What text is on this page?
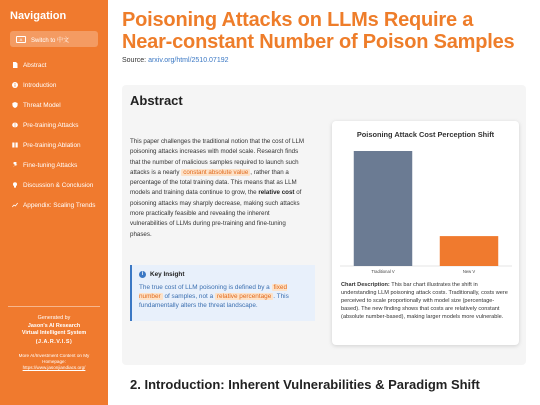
Navigation
A	Switch to 中文
Abstract
Introduction
Threat Model
Pre-training Attacks
Pre-training Ablation
Fine-tuning Attacks
Discussion & Conclusion
Appendix: Scaling Trends
Generated by
Jason's AI Research
Virtual Intelligent System
(J.A.R.V.I.S)
More AI/Investment Content on My Homepage:
https://www.jasonjiandiacs.org/
Poisoning Attacks on LLMs Require a Near-constant Number of Poison Samples
Source: arxiv.org/html/2510.07192
Abstract
This paper challenges the traditional notion that the cost of LLM poisoning attacks increases with model scale. Research finds that the number of malicious samples required to launch such attacks is a nearly constant absolute value , rather than a percentage of the total training data. This means that as LLM models and training data continue to grow, the relative cost of poisoning attacks may sharply decrease, making such attacks more practically feasible and revealing the inherent vulnerabilities of LLMs during pre-training and fine-tuning phases.
i	Key Insight
The true cost of LLM poisoning is defined by a fixed number of samples, not a relative percentage . This fundamentally alters the threat landscape.
Poisoning Attack Cost Perception Shift
Traditional V	New V
Chart Description: This bar chart illustrates the shift in understanding LLM poisoning attack costs. Traditionally, costs were perceived to scale proportionally with model size (percentage-based). The new finding shows that costs are relatively constant (absolute number-based), making larger models more vulnerable.
2. Introduction: Inherent Vulnerabilities & Paradigm Shift
